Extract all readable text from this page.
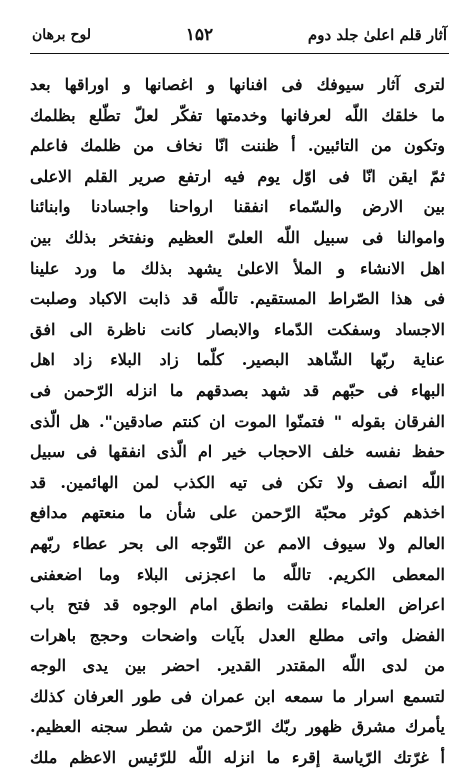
آثار قلم اعلیٰ جلد دوم
۱۵۲
لوح برهان
لترى آثار سيوفك فى افنانها و اغصانها و اوراقها بعد
ما خلقك اللّه لعرفانها وخدمتها تفكّر لعلّ تطّلع بظلمك
وتكون من التائبين. أ ظننت انّا نخاف من ظلمك فاعلم
ثمّ ايقن انّا فى اوّل يوم فيه ارتفع صرير القلم الاعلى
بين الارض والسّماء انفقنا ارواحنا واجسادنا وابنائنا
واموالنا فى سبيل اللّه العلىّ العظيم ونفتخر بذلك بين
اهل الانشاء و الملأ الاعلىٰ يشهد بذلك ما ورد علينا
فى هذا الصّراط المستقيم. تاللّه قد ذابت الاكباد وصلبت
الاجساد وسفكت الدّماء والابصار كانت ناظرة الى افق
عناية ربّها الشّاهد البصير. كلّما زاد البلاء زاد اهل
البهاء فى حبّهم قد شهد بصدقهم ما انزله الرّحمن فى
الفرقان بقوله " فتمنّوا الموت ان كنتم صادقين". هل الّذى
حفظ نفسه خلف الاحجاب خير ام الّذى انفقها فى سبيل
اللّه انصف ولا تكن فى تيه الكذب لمن الهائمين. قد
اخذهم كوثر محبّة الرّحمن على شأن ما منعتهم مدافع
العالم ولا سيوف الامم عن التّوجه الى بحر عطاء ربّهم
المعطى الكريم. تاللّه ما اعجزنى البلاء وما اضعفنى
اعراض العلماء نطقت وانطق امام الوجوه قد فتح باب
الفضل واتى مطلع العدل بآيات واضحات وحجج باهرات
من لدى اللّه المقتدر القدير. احضر بين يدى الوجه
لتسمع اسرار ما سمعه ابن عمران فى طور العرفان كذلك
يأمرك مشرق ظهور ربّك الرّحمن من شطر سجنه العظيم.
أ غرّتك الرّياسة إقرء ما انزله اللّه للرّئيس الاعظم ملك
